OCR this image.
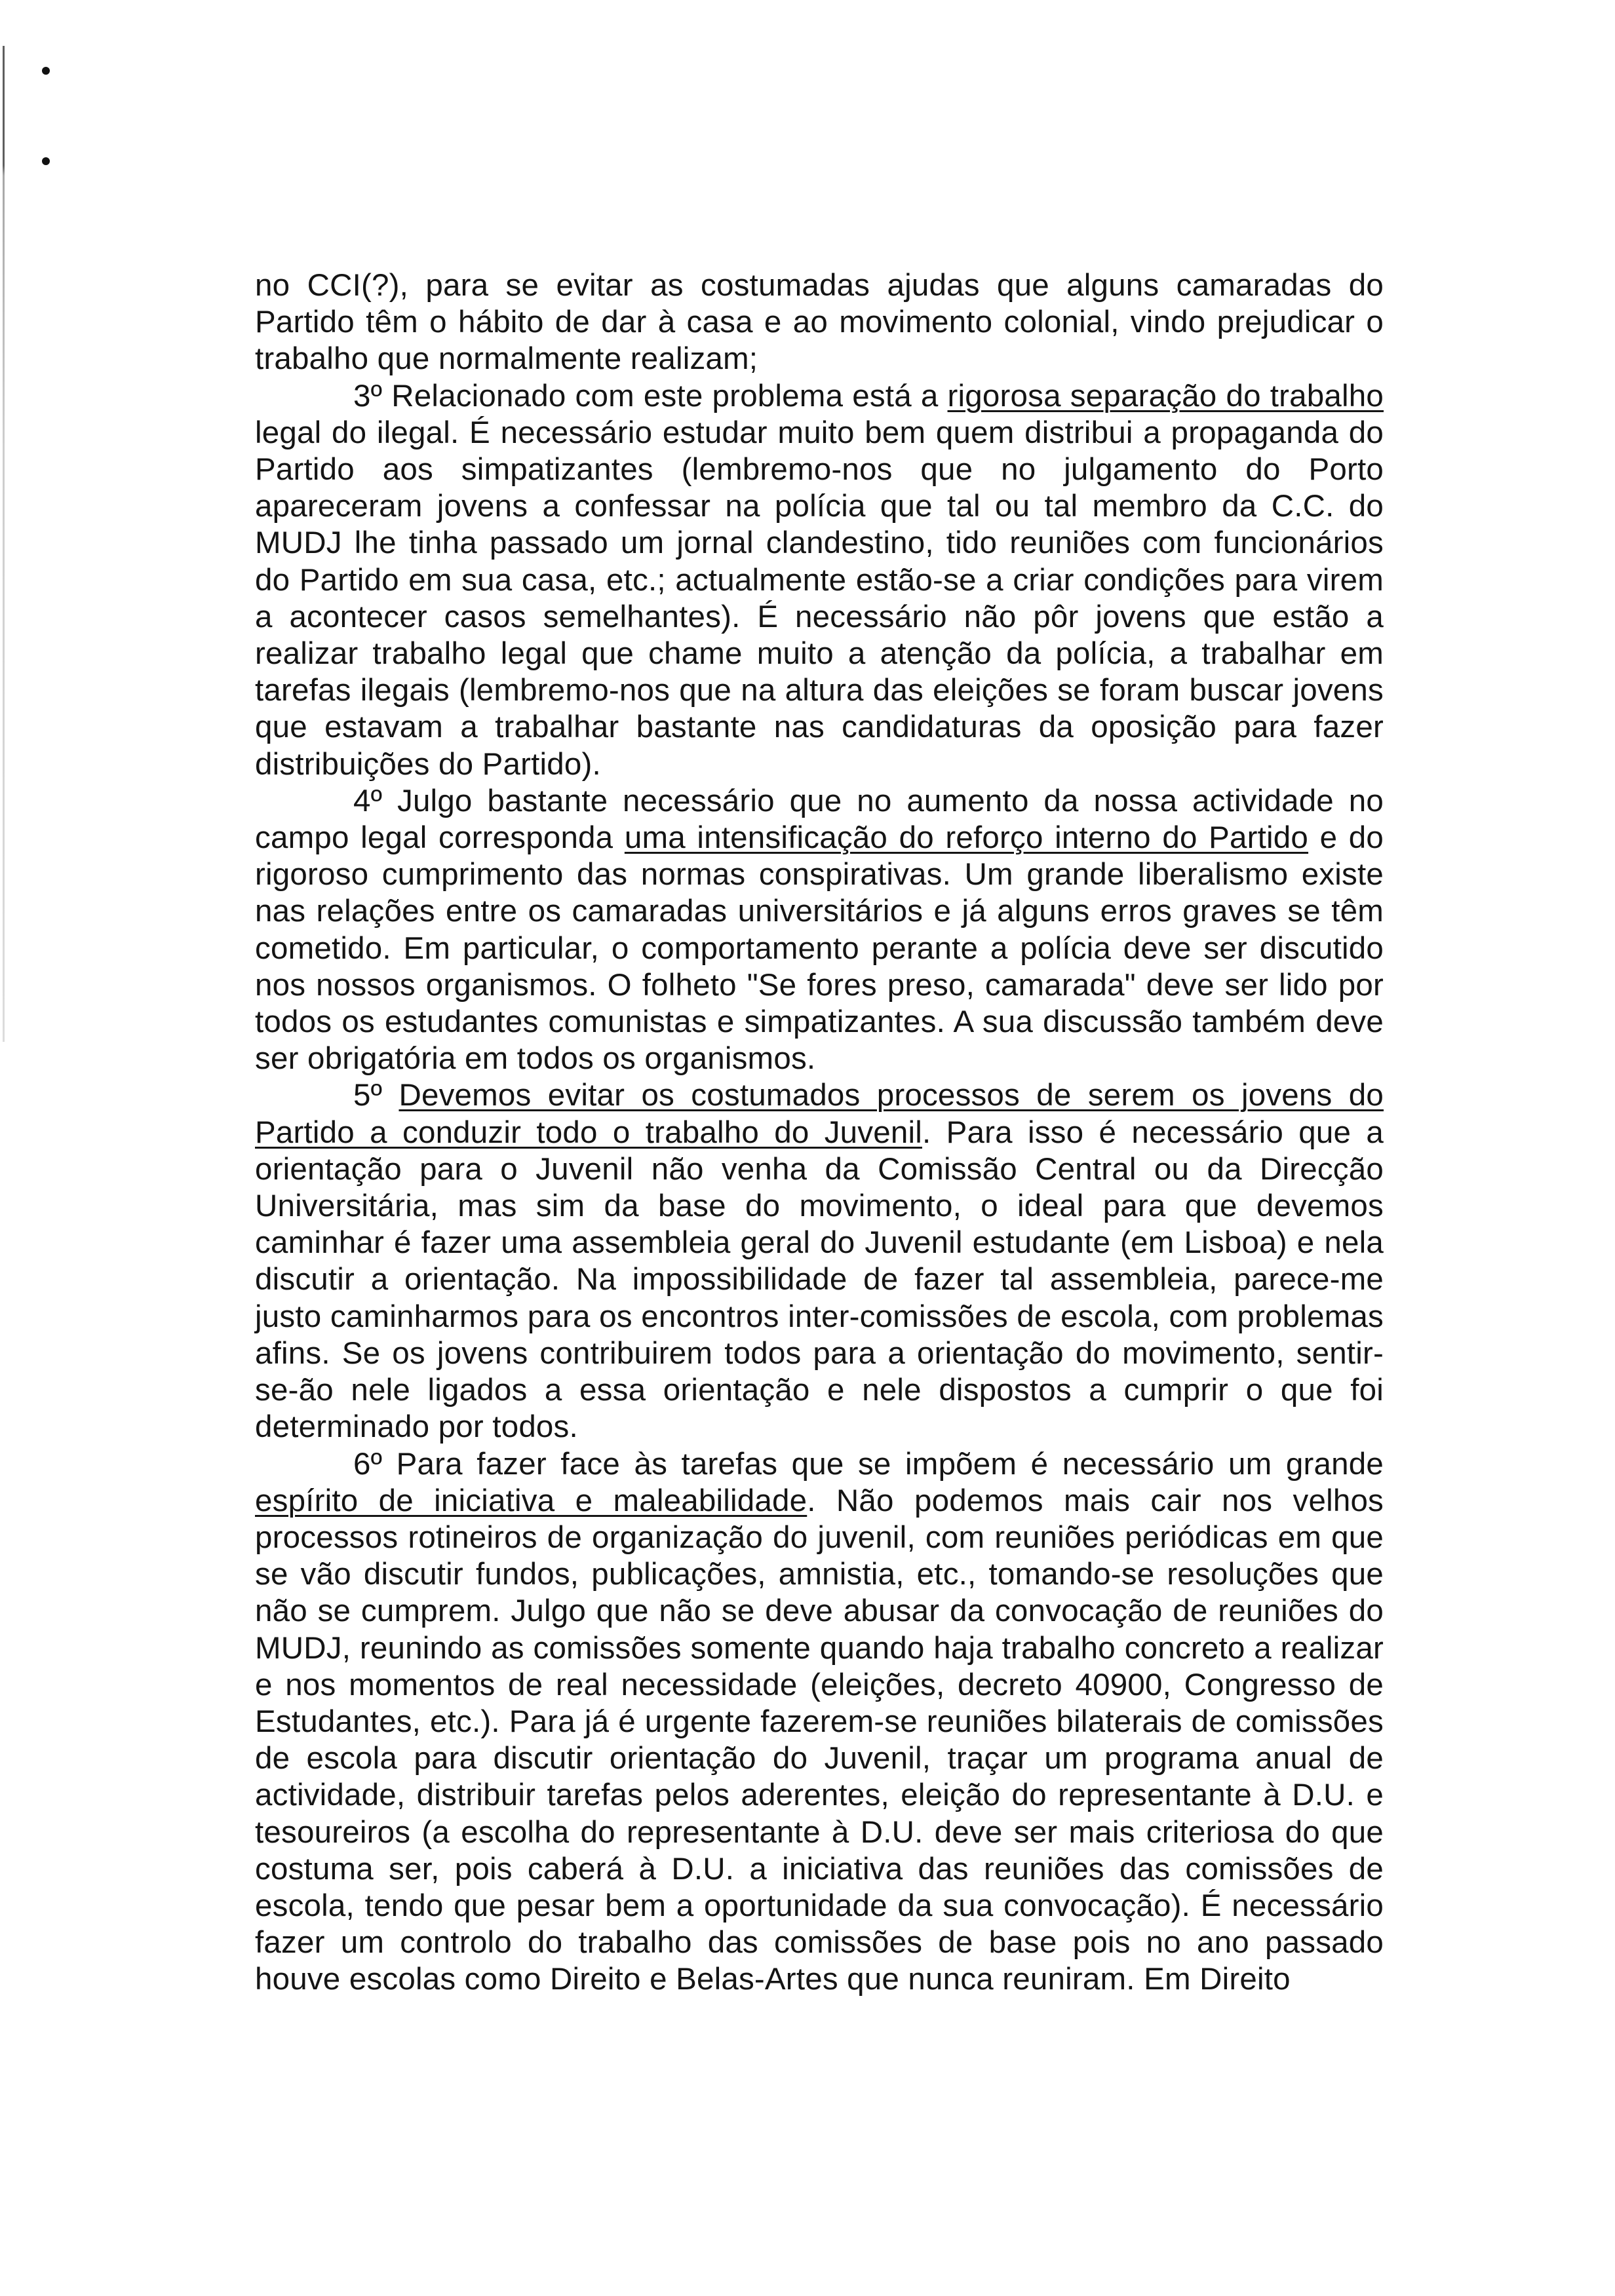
no CCI(?), para se evitar as costumadas ajudas que alguns camaradas do Partido têm o hábito de dar à casa e ao movimento colonial, vindo prejudicar o trabalho que normalmente realizam;

3º Relacionado com este problema está a rigorosa separação do trabalho legal do ilegal. É necessário estudar muito bem quem distribui a propaganda do Partido aos simpatizantes (lembremo-nos que no julgamento do Porto apareceram jovens a confessar na polícia que tal ou tal membro da C.C. do MUDJ lhe tinha passado um jornal clandestino, tido reuniões com funcionários do Partido em sua casa, etc.; actualmente estão-se a criar condições para virem a acontecer casos semelhantes). É necessário não pôr jovens que estão a realizar trabalho legal que chame muito a atenção da polícia, a trabalhar em tarefas ilegais (lembremo-nos que na altura das eleições se foram buscar jovens que estavam a trabalhar bastante nas candidaturas da oposição para fazer distribuições do Partido).

4º Julgo bastante necessário que no aumento da nossa actividade no campo legal corresponda uma intensificação do reforço interno do Partido e do rigoroso cumprimento das normas conspirativas. Um grande liberalismo existe nas relações entre os camaradas universitários e já alguns erros graves se têm cometido. Em particular, o comportamento perante a polícia deve ser discutido nos nossos organismos. O folheto "Se fores preso, camarada" deve ser lido por todos os estudantes comunistas e simpatizantes. A sua discussão também deve ser obrigatória em todos os organismos.

5º Devemos evitar os costumados processos de serem os jovens do Partido a conduzir todo o trabalho do Juvenil. Para isso é necessário que a orientação para o Juvenil não venha da Comissão Central ou da Direcção Universitária, mas sim da base do movimento, o ideal para que devemos caminhar é fazer uma assembleia geral do Juvenil estudante (em Lisboa) e nela discutir a orientação. Na impossibilidade de fazer tal assembleia, parece-me justo caminharmos para os encontros inter-comissões de escola, com problemas afins. Se os jovens contribuirem todos para a orientação do movimento, sentir-se-ão nele ligados a essa orientação e nele dispostos a cumprir o que foi determinado por todos.

6º Para fazer face às tarefas que se impõem é necessário um grande espírito de iniciativa e maleabilidade. Não podemos mais cair nos velhos processos rotineiros de organização do juvenil, com reuniões periódicas em que se vão discutir fundos, publicações, amnistia, etc., tomando-se resoluções que não se cumprem. Julgo que não se deve abusar da convocação de reuniões do MUDJ, reunindo as comissões somente quando haja trabalho concreto a realizar e nos momentos de real necessidade (eleições, decreto 40900, Congresso de Estudantes, etc.). Para já é urgente fazerem-se reuniões bilaterais de comissões de escola para discutir orientação do Juvenil, traçar um programa anual de actividade, distribuir tarefas pelos aderentes, eleição do representante à D.U. e tesoureiros (a escolha do representante à D.U. deve ser mais criteriosa do que costuma ser, pois caberá à D.U. a iniciativa das reuniões das comissões de escola, tendo que pesar bem a oportunidade da sua convocação). É necessário fazer um controlo do trabalho das comissões de base pois no ano passado houve escolas como Direito e Belas-Artes que nunca reuniram. Em Direito
